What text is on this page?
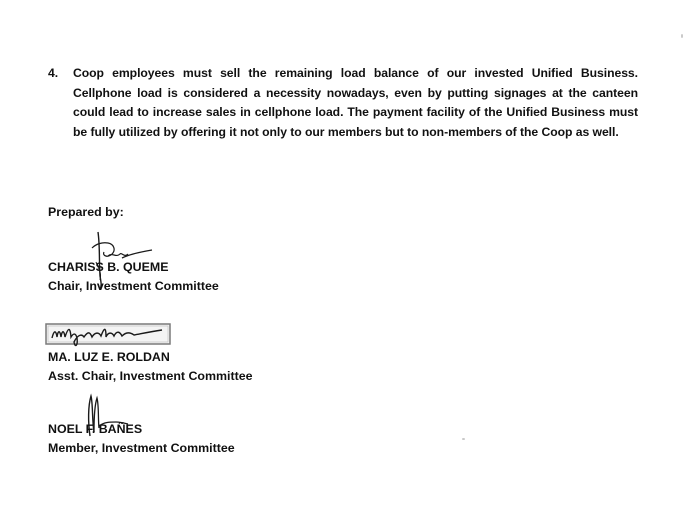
4.	Coop employees must sell the remaining load balance of our invested Unified Business. Cellphone load is considered a necessity nowadays, even by putting signages at the canteen could lead to increase sales in cellphone load. The payment facility of the Unified Business must be fully utilized by offering it not only to our members but to non-members of the Coop as well.
Prepared by:
CHARISS B. QUEME
Chair, Investment Committee
MA. LUZ E. ROLDAN
Asst. Chair, Investment Committee
NOEL F. BAÑES
Member, Investment Committee
